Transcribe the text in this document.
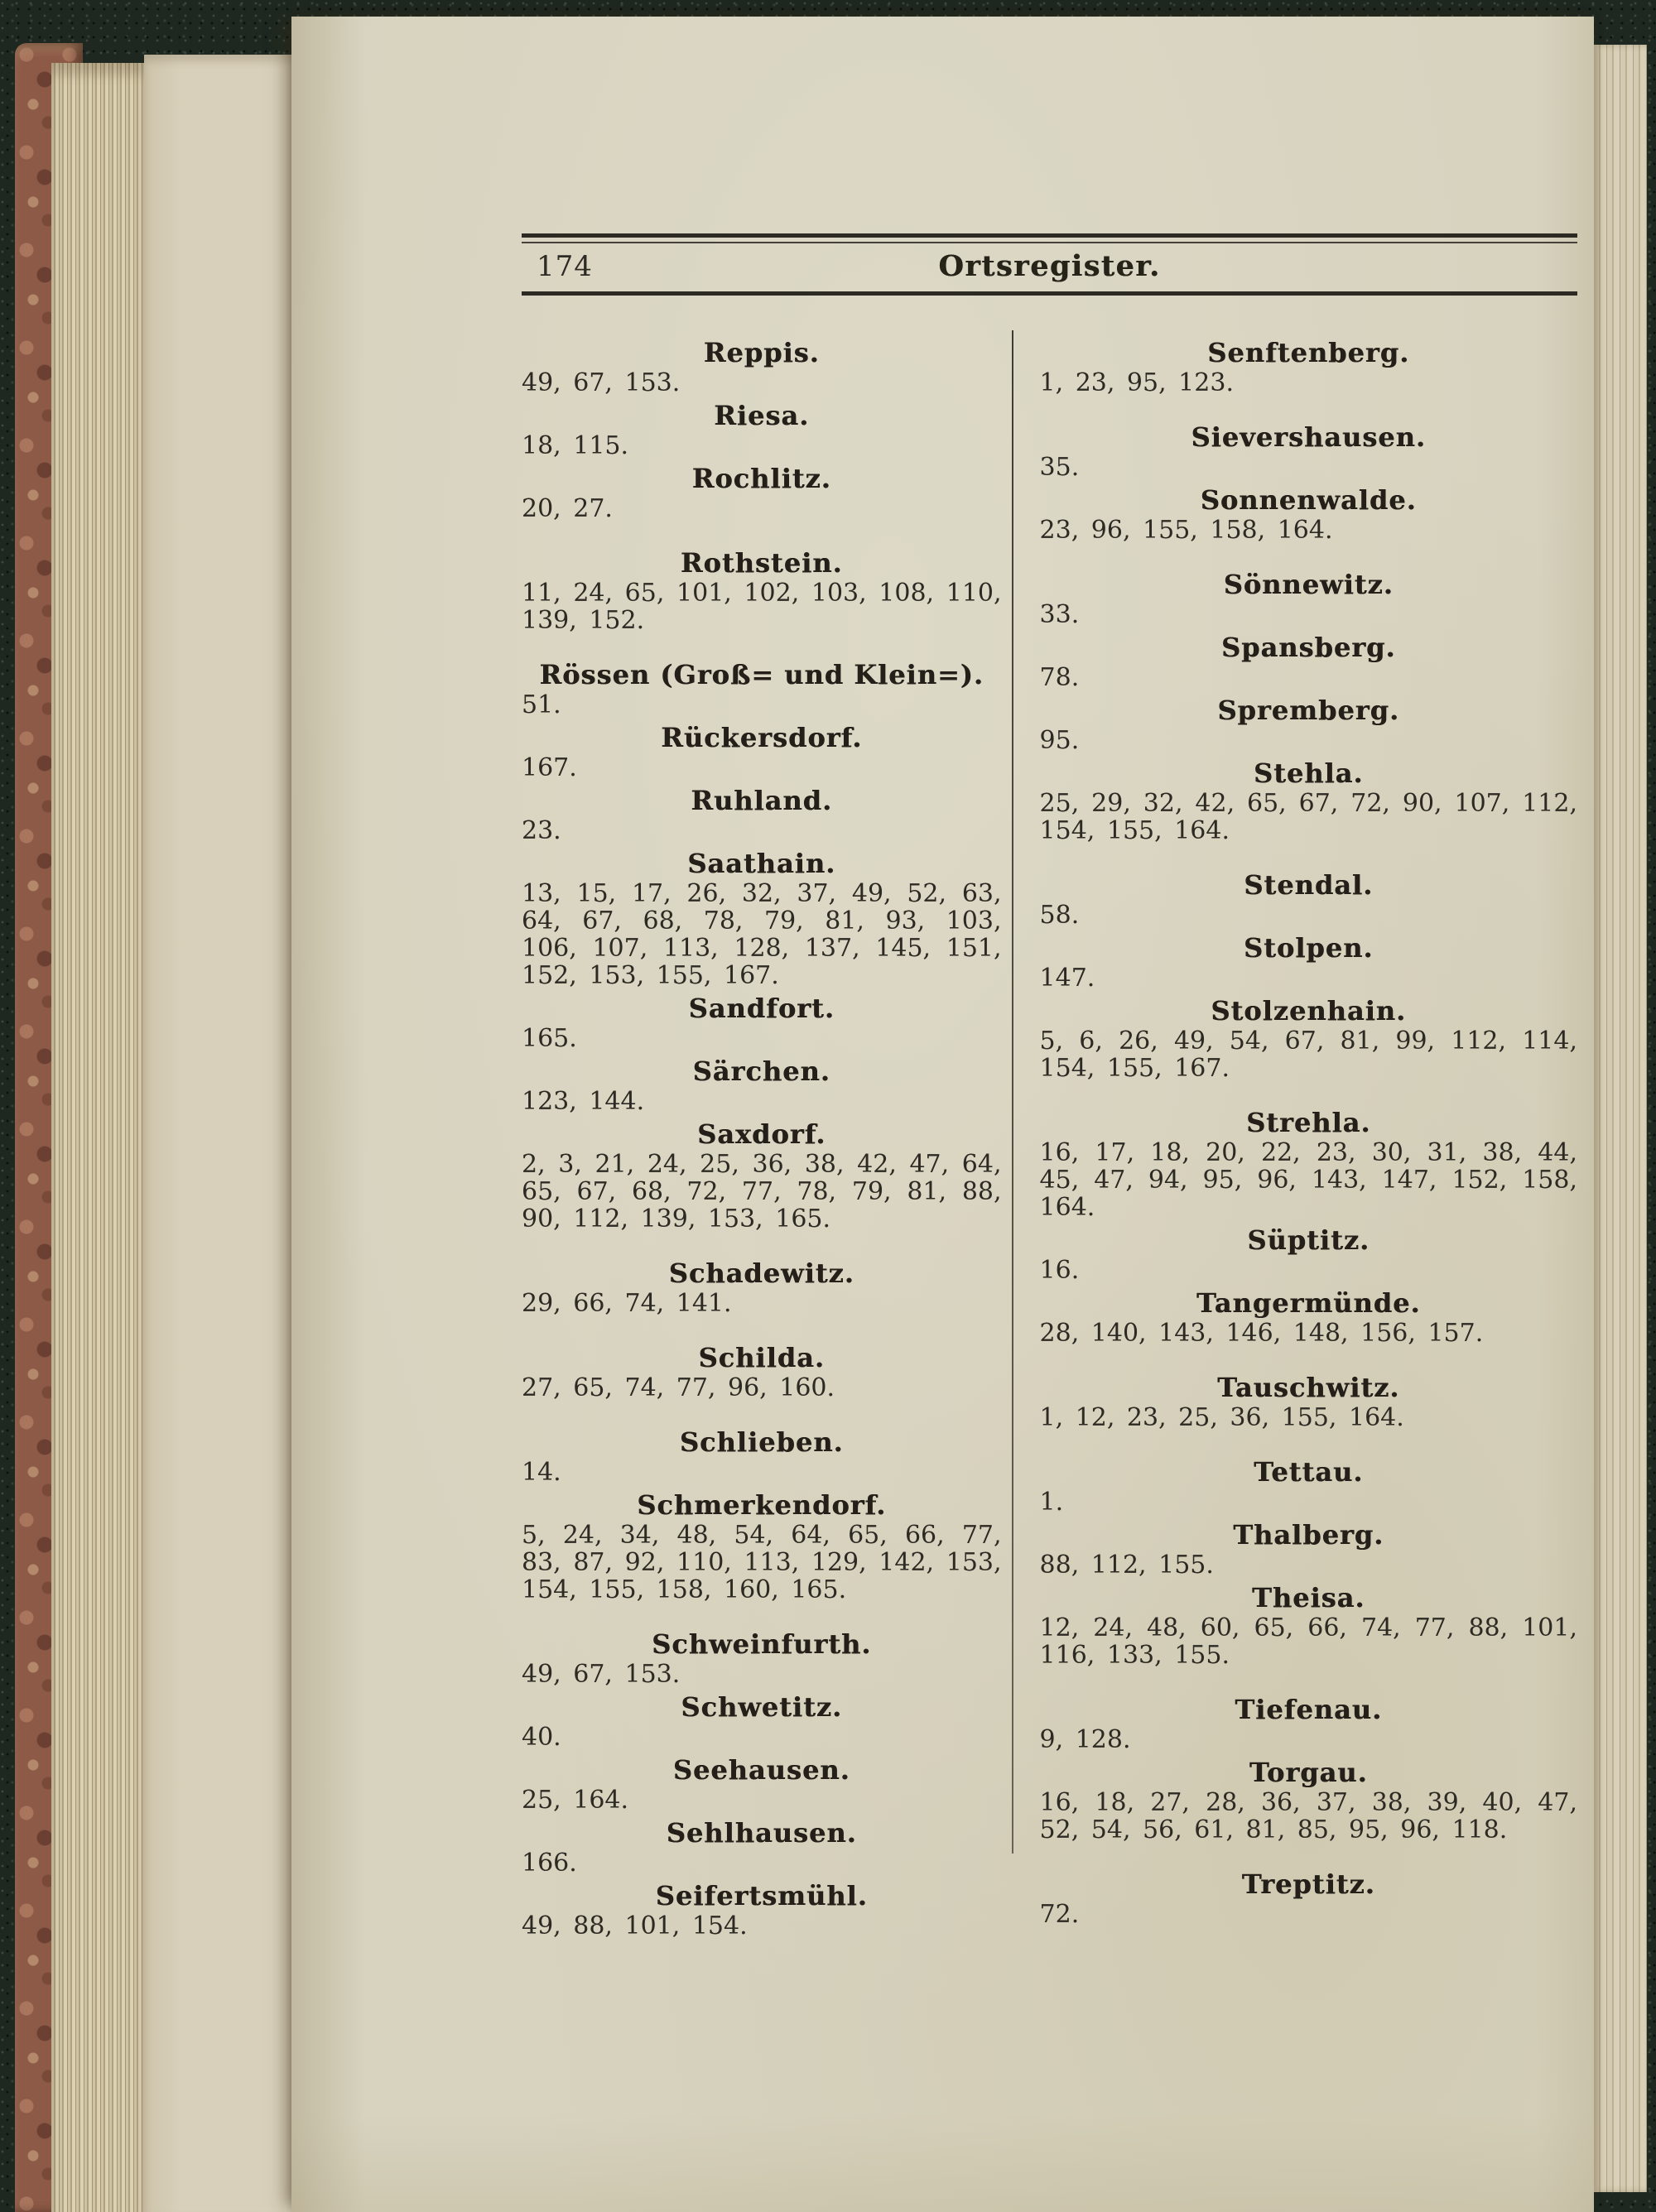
174	Ortsregister.
Reppis.
49, 67, 153.
Riesa.
18, 115.
Rochlitz.
20, 27.
Rothstein.
11, 24, 65, 101, 102, 103, 108, 110, 139, 152.
Rössen (Groß= und Klein=).
51.
Rückersdorf.
167.
Ruhland.
23.
Saathain.
13, 15, 17, 26, 32, 37, 49, 52, 63, 64, 67, 68, 78, 79, 81, 93, 103, 106, 107, 113, 128, 137, 145, 151, 152, 153, 155, 167.
Sandfort.
165.
Särchen.
123, 144.
Saxdorf.
2, 3, 21, 24, 25, 36, 38, 42, 47, 64, 65, 67, 68, 72, 77, 78, 79, 81, 88, 90, 112, 139, 153, 165.
Schadewitz.
29, 66, 74, 141.
Schilda.
27, 65, 74, 77, 96, 160.
Schlieben.
14.
Schmerkendorf.
5, 24, 34, 48, 54, 64, 65, 66, 77, 83, 87, 92, 110, 113, 129, 142, 153, 154, 155, 158, 160, 165.
Schweinfurth.
49, 67, 153.
Schwetitz.
40.
Seehausen.
25, 164.
Sehlhausen.
166.
Seifertsmühl.
49, 88, 101, 154.
Senftenberg.
1, 23, 95, 123.
Sievershausen.
35.
Sonnenwalde.
23, 96, 155, 158, 164.
Sönnewitz.
33.
Spansberg.
78.
Spremberg.
95.
Stehla.
25, 29, 32, 42, 65, 67, 72, 90, 107, 112, 154, 155, 164.
Stendal.
58.
Stolpen.
147.
Stolzenhain.
5, 6, 26, 49, 54, 67, 81, 99, 112, 114, 154, 155, 167.
Strehla.
16, 17, 18, 20, 22, 23, 30, 31, 38, 44, 45, 47, 94, 95, 96, 143, 147, 152, 158, 164.
Süptitz.
16.
Tangermünde.
28, 140, 143, 146, 148, 156, 157.
Tauschwitz.
1, 12, 23, 25, 36, 155, 164.
Tettau.
1.
Thalberg.
88, 112, 155.
Theisa.
12, 24, 48, 60, 65, 66, 74, 77, 88, 101, 116, 133, 155.
Tiefenau.
9, 128.
Torgau.
16, 18, 27, 28, 36, 37, 38, 39, 40, 47, 52, 54, 56, 61, 81, 85, 95, 96, 118.
Treptitz.
72.
